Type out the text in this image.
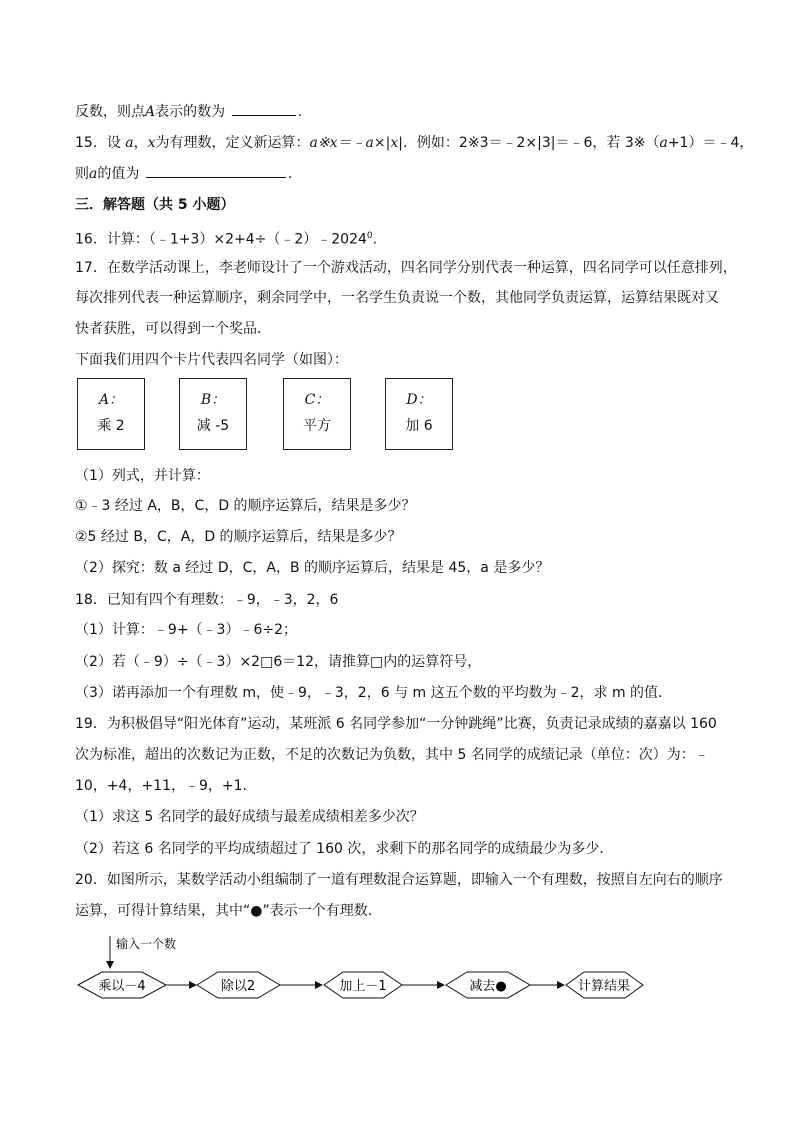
反数，则点A表示的数为	.
15．设 a，x为有理数，定义新运算：a※x＝﹣a×|x|．例如：2※3＝﹣2×|3|＝﹣6，若 3※（a+1）＝﹣4，
则a的值为	.
三．解答题（共 5 小题）
16．计算：$(﹣1+3)\times 2+4\div(﹣2)﹣2024^0$.
17．在数学活动课上，李老师设计了一个游戏活动，四名同学分别代表一种运算，四名同学可以任意排列，
每次排列代表一种运算顺序，剩余同学中，一名学生负责说一个数，其他同学负责运算，运算结果既对又
快者获胜，可以得到一个奖品．
下面我们用四个卡片代表四名同学（如图）：
A：
乘 2
B：
减 -5
C：
平方
D：
加 6
（1）列式，并计算：
①﹣3 经过 A，B，C，D 的顺序运算后，结果是多少？
②5 经过 B，C，A，D 的顺序运算后，结果是多少？
（2）探究：数 a 经过 D，C，A，B 的顺序运算后，结果是 45，a 是多少？
18．已知有四个有理数：﹣9，﹣3，2，6
（1）计算：﹣9+（﹣3）﹣6÷2；
（2）若（﹣9）÷（﹣3）×2□6＝12，请推算□内的运算符号，
（3）诺再添加一个有理数 m，使﹣9，﹣3，2，6 与 m 这五个数的平均数为﹣2，求 m 的值．
19．为积极倡导“阳光体育”运动，某班派 6 名同学参加“一分钟跳绳”比赛，负责记录成绩的嘉嘉以 160
次为标准，超出的次数记为正数，不足的次数记为负数，其中 5 名同学的成绩记录（单位：次）为：﹣
10，+4，+11，﹣9，+1．
（1）求这 5 名同学的最好成绩与最差成绩相差多少次？
（2）若这 6 名同学的平均成绩超过了 160 次，求剩下的那名同学的成绩最少为多少．
20．如图所示，某数学活动小组编制了一道有理数混合运算题，即输入一个有理数，按照自左向右的顺序
运算，可得计算结果，其中“●”表示一个有理数．
输入一个数
乘以－4	除以2	加上－1	减去●	计算结果
